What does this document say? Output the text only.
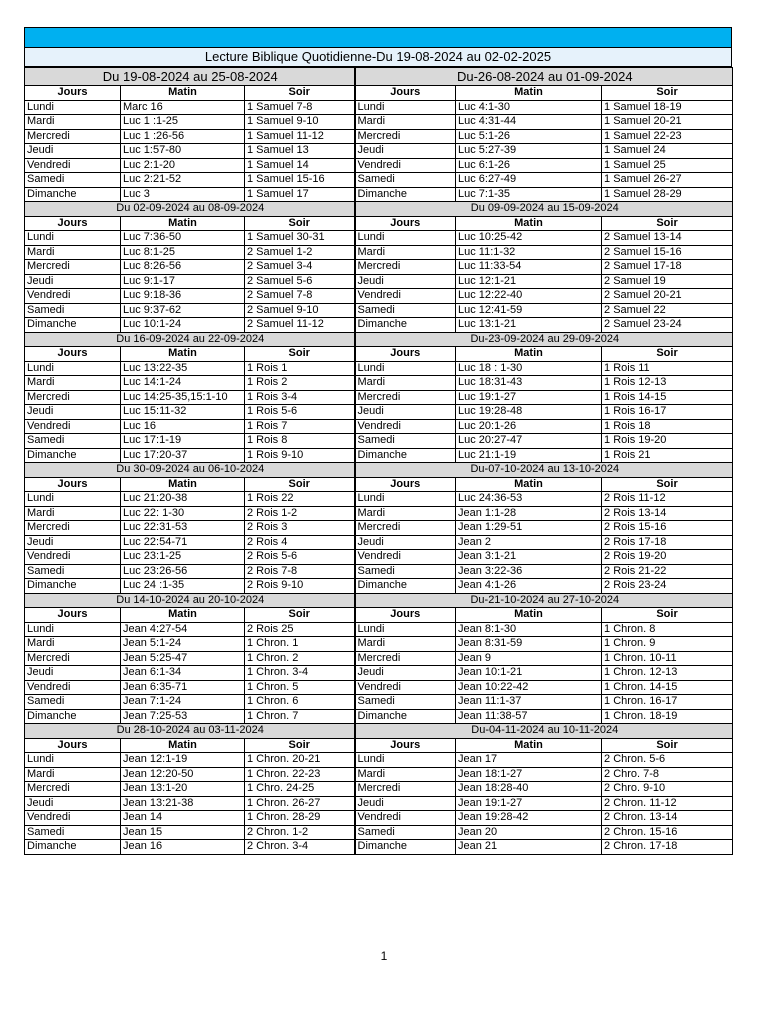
Lecture Biblique Quotidienne-Du 19-08-2024 au 02-02-2025
Du 19-08-2024 au 25-08-2024			Du-26-08-2024 au 01-09-2024		
Jours	Matin	Soir	Jours	Matin	Soir
Lundi	Marc 16	1 Samuel 7-8	Lundi	Luc 4:1-30	1 Samuel 18-19
Mardi	Luc 1 :1-25	1 Samuel 9-10	Mardi	Luc 4:31-44	1 Samuel 20-21
Mercredi	Luc 1 :26-56	1 Samuel 11-12	Mercredi	Luc 5:1-26	1 Samuel 22-23
Jeudi	Luc 1:57-80	1 Samuel 13	Jeudi	Luc 5:27-39	1 Samuel 24
Vendredi	Luc 2:1-20	1 Samuel 14	Vendredi	Luc 6:1-26	1 Samuel 25
Samedi	Luc 2:21-52	1 Samuel 15-16	Samedi	Luc 6:27-49	1 Samuel 26-27
Dimanche	Luc 3	1 Samuel 17	Dimanche	Luc 7:1-35	1 Samuel 28-29
Du 02-09-2024 au 08-09-2024			Du 09-09-2024 au 15-09-2024		
Jours	Matin	Soir	Jours	Matin	Soir
Lundi	Luc 7:36-50	1 Samuel 30-31	Lundi	Luc 10:25-42	2 Samuel 13-14
Mardi	Luc 8:1-25	2 Samuel 1-2	Mardi	Luc 11:1-32	2 Samuel 15-16
Mercredi	Luc 8:26-56	2 Samuel 3-4	Mercredi	Luc 11:33-54	2 Samuel 17-18
Jeudi	Luc 9:1-17	2 Samuel 5-6	Jeudi	Luc 12:1-21	2 Samuel 19
Vendredi	Luc 9:18-36	2 Samuel 7-8	Vendredi	Luc 12:22-40	2 Samuel 20-21
Samedi	Luc 9:37-62	2 Samuel 9-10	Samedi	Luc 12:41-59	2 Samuel 22
Dimanche	Luc 10:1-24	2 Samuel 11-12	Dimanche	Luc 13:1-21	2 Samuel 23-24
Du 16-09-2024 au 22-09-2024			Du-23-09-2024 au 29-09-2024		
Jours	Matin	Soir	Jours	Matin	Soir
Lundi	Luc 13:22-35	1 Rois 1	Lundi	Luc 18 : 1-30	1 Rois 11
Mardi	Luc 14:1-24	1 Rois 2	Mardi	Luc 18:31-43	1 Rois 12-13
Mercredi	Luc 14:25-35,15:1-10	1 Rois 3-4	Mercredi	Luc 19:1-27	1 Rois 14-15
Jeudi	Luc 15:11-32	1 Rois 5-6	Jeudi	Luc 19:28-48	1 Rois 16-17
Vendredi	Luc 16	1 Rois 7	Vendredi	Luc 20:1-26	1 Rois 18
Samedi	Luc 17:1-19	1 Rois 8	Samedi	Luc 20:27-47	1 Rois 19-20
Dimanche	Luc 17:20-37	1 Rois 9-10	Dimanche	Luc 21:1-19	1 Rois 21
Du 30-09-2024 au 06-10-2024			Du-07-10-2024 au 13-10-2024		
Jours	Matin	Soir	Jours	Matin	Soir
Lundi	Luc 21:20-38	1 Rois 22	Lundi	Luc 24:36-53	2 Rois 11-12
Mardi	Luc 22: 1-30	2 Rois 1-2	Mardi	Jean 1:1-28	2 Rois 13-14
Mercredi	Luc 22:31-53	2 Rois 3	Mercredi	Jean 1:29-51	2 Rois 15-16
Jeudi	Luc 22:54-71	2 Rois 4	Jeudi	Jean 2	2 Rois 17-18
Vendredi	Luc 23:1-25	2 Rois 5-6	Vendredi	Jean 3:1-21	2 Rois 19-20
Samedi	Luc 23:26-56	2 Rois 7-8	Samedi	Jean 3:22-36	2 Rois 21-22
Dimanche	Luc 24 :1-35	2 Rois 9-10	Dimanche	Jean 4:1-26	2 Rois 23-24
Du 14-10-2024 au 20-10-2024			Du-21-10-2024 au 27-10-2024		
Jours	Matin	Soir	Jours	Matin	Soir
Lundi	Jean 4:27-54	2 Rois 25	Lundi	Jean 8:1-30	1 Chron. 8
Mardi	Jean 5:1-24	1 Chron. 1	Mardi	Jean 8:31-59	1 Chron. 9
Mercredi	Jean 5:25-47	1 Chron. 2	Mercredi	Jean 9	1 Chron. 10-11
Jeudi	Jean 6:1-34	1 Chron. 3-4	Jeudi	Jean 10:1-21	1 Chron. 12-13
Vendredi	Jean 6:35-71	1 Chron. 5	Vendredi	Jean 10:22-42	1 Chron. 14-15
Samedi	Jean 7:1-24	1 Chron. 6	Samedi	Jean 11:1-37	1 Chron. 16-17
Dimanche	Jean 7:25-53	1 Chron. 7	Dimanche	Jean 11:38-57	1 Chron. 18-19
Du 28-10-2024 au 03-11-2024			Du-04-11-2024 au 10-11-2024		
Jours	Matin	Soir	Jours	Matin	Soir
Lundi	Jean 12:1-19	1 Chron. 20-21	Lundi	Jean 17	2 Chron. 5-6
Mardi	Jean 12:20-50	1 Chron. 22-23	Mardi	Jean 18:1-27	2 Chro. 7-8
Mercredi	Jean 13:1-20	1 Chro. 24-25	Mercredi	Jean 18:28-40	2 Chro. 9-10
Jeudi	Jean 13:21-38	1 Chron. 26-27	Jeudi	Jean 19:1-27	2 Chron. 11-12
Vendredi	Jean 14	1 Chron. 28-29	Vendredi	Jean 19:28-42	2 Chron. 13-14
Samedi	Jean 15	2 Chron. 1-2	Samedi	Jean 20	2 Chron. 15-16
Dimanche	Jean 16	2 Chron. 3-4	Dimanche	Jean 21	2 Chron. 17-18
1
